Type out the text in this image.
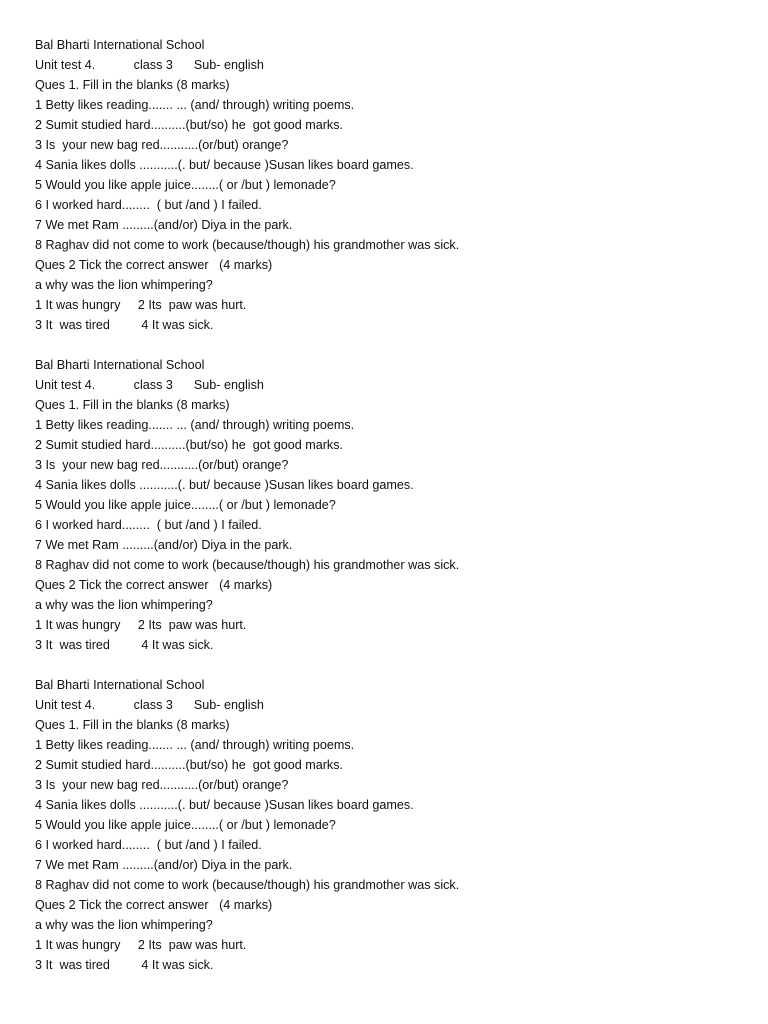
Bal Bharti International School
Unit test 4.           class 3      Sub- english
Ques 1. Fill in the blanks (8 marks)
1 Betty likes reading....... ... (and/ through) writing poems.
2 Sumit studied hard..........(but/so) he  got good marks.
3 Is  your new bag red...........(or/but) orange?
4 Sania likes dolls ...........(. but/ because )Susan likes board games.
5 Would you like apple juice........( or /but ) lemonade?
6 I worked hard........  ( but /and ) I failed.
7 We met Ram .........(and/or) Diya in the park.
8 Raghav did not come to work (because/though) his grandmother was sick.
Ques 2 Tick the correct answer   (4 marks)
a why was the lion whimpering?
1 It was hungry     2 Its  paw was hurt.
3 It  was tired         4 It was sick.
Bal Bharti International School
Unit test 4.           class 3      Sub- english
Ques 1. Fill in the blanks (8 marks)
1 Betty likes reading....... ... (and/ through) writing poems.
2 Sumit studied hard..........(but/so) he  got good marks.
3 Is  your new bag red...........(or/but) orange?
4 Sania likes dolls ...........(. but/ because )Susan likes board games.
5 Would you like apple juice........( or /but ) lemonade?
6 I worked hard........  ( but /and ) I failed.
7 We met Ram .........(and/or) Diya in the park.
8 Raghav did not come to work (because/though) his grandmother was sick.
Ques 2 Tick the correct answer   (4 marks)
a why was the lion whimpering?
1 It was hungry     2 Its  paw was hurt.
3 It  was tired         4 It was sick.
Bal Bharti International School
Unit test 4.           class 3      Sub- english
Ques 1. Fill in the blanks (8 marks)
1 Betty likes reading....... ... (and/ through) writing poems.
2 Sumit studied hard..........(but/so) he  got good marks.
3 Is  your new bag red...........(or/but) orange?
4 Sania likes dolls ...........(. but/ because )Susan likes board games.
5 Would you like apple juice........( or /but ) lemonade?
6 I worked hard........  ( but /and ) I failed.
7 We met Ram .........(and/or) Diya in the park.
8 Raghav did not come to work (because/though) his grandmother was sick.
Ques 2 Tick the correct answer   (4 marks)
a why was the lion whimpering?
1 It was hungry     2 Its  paw was hurt.
3 It  was tired         4 It was sick.
